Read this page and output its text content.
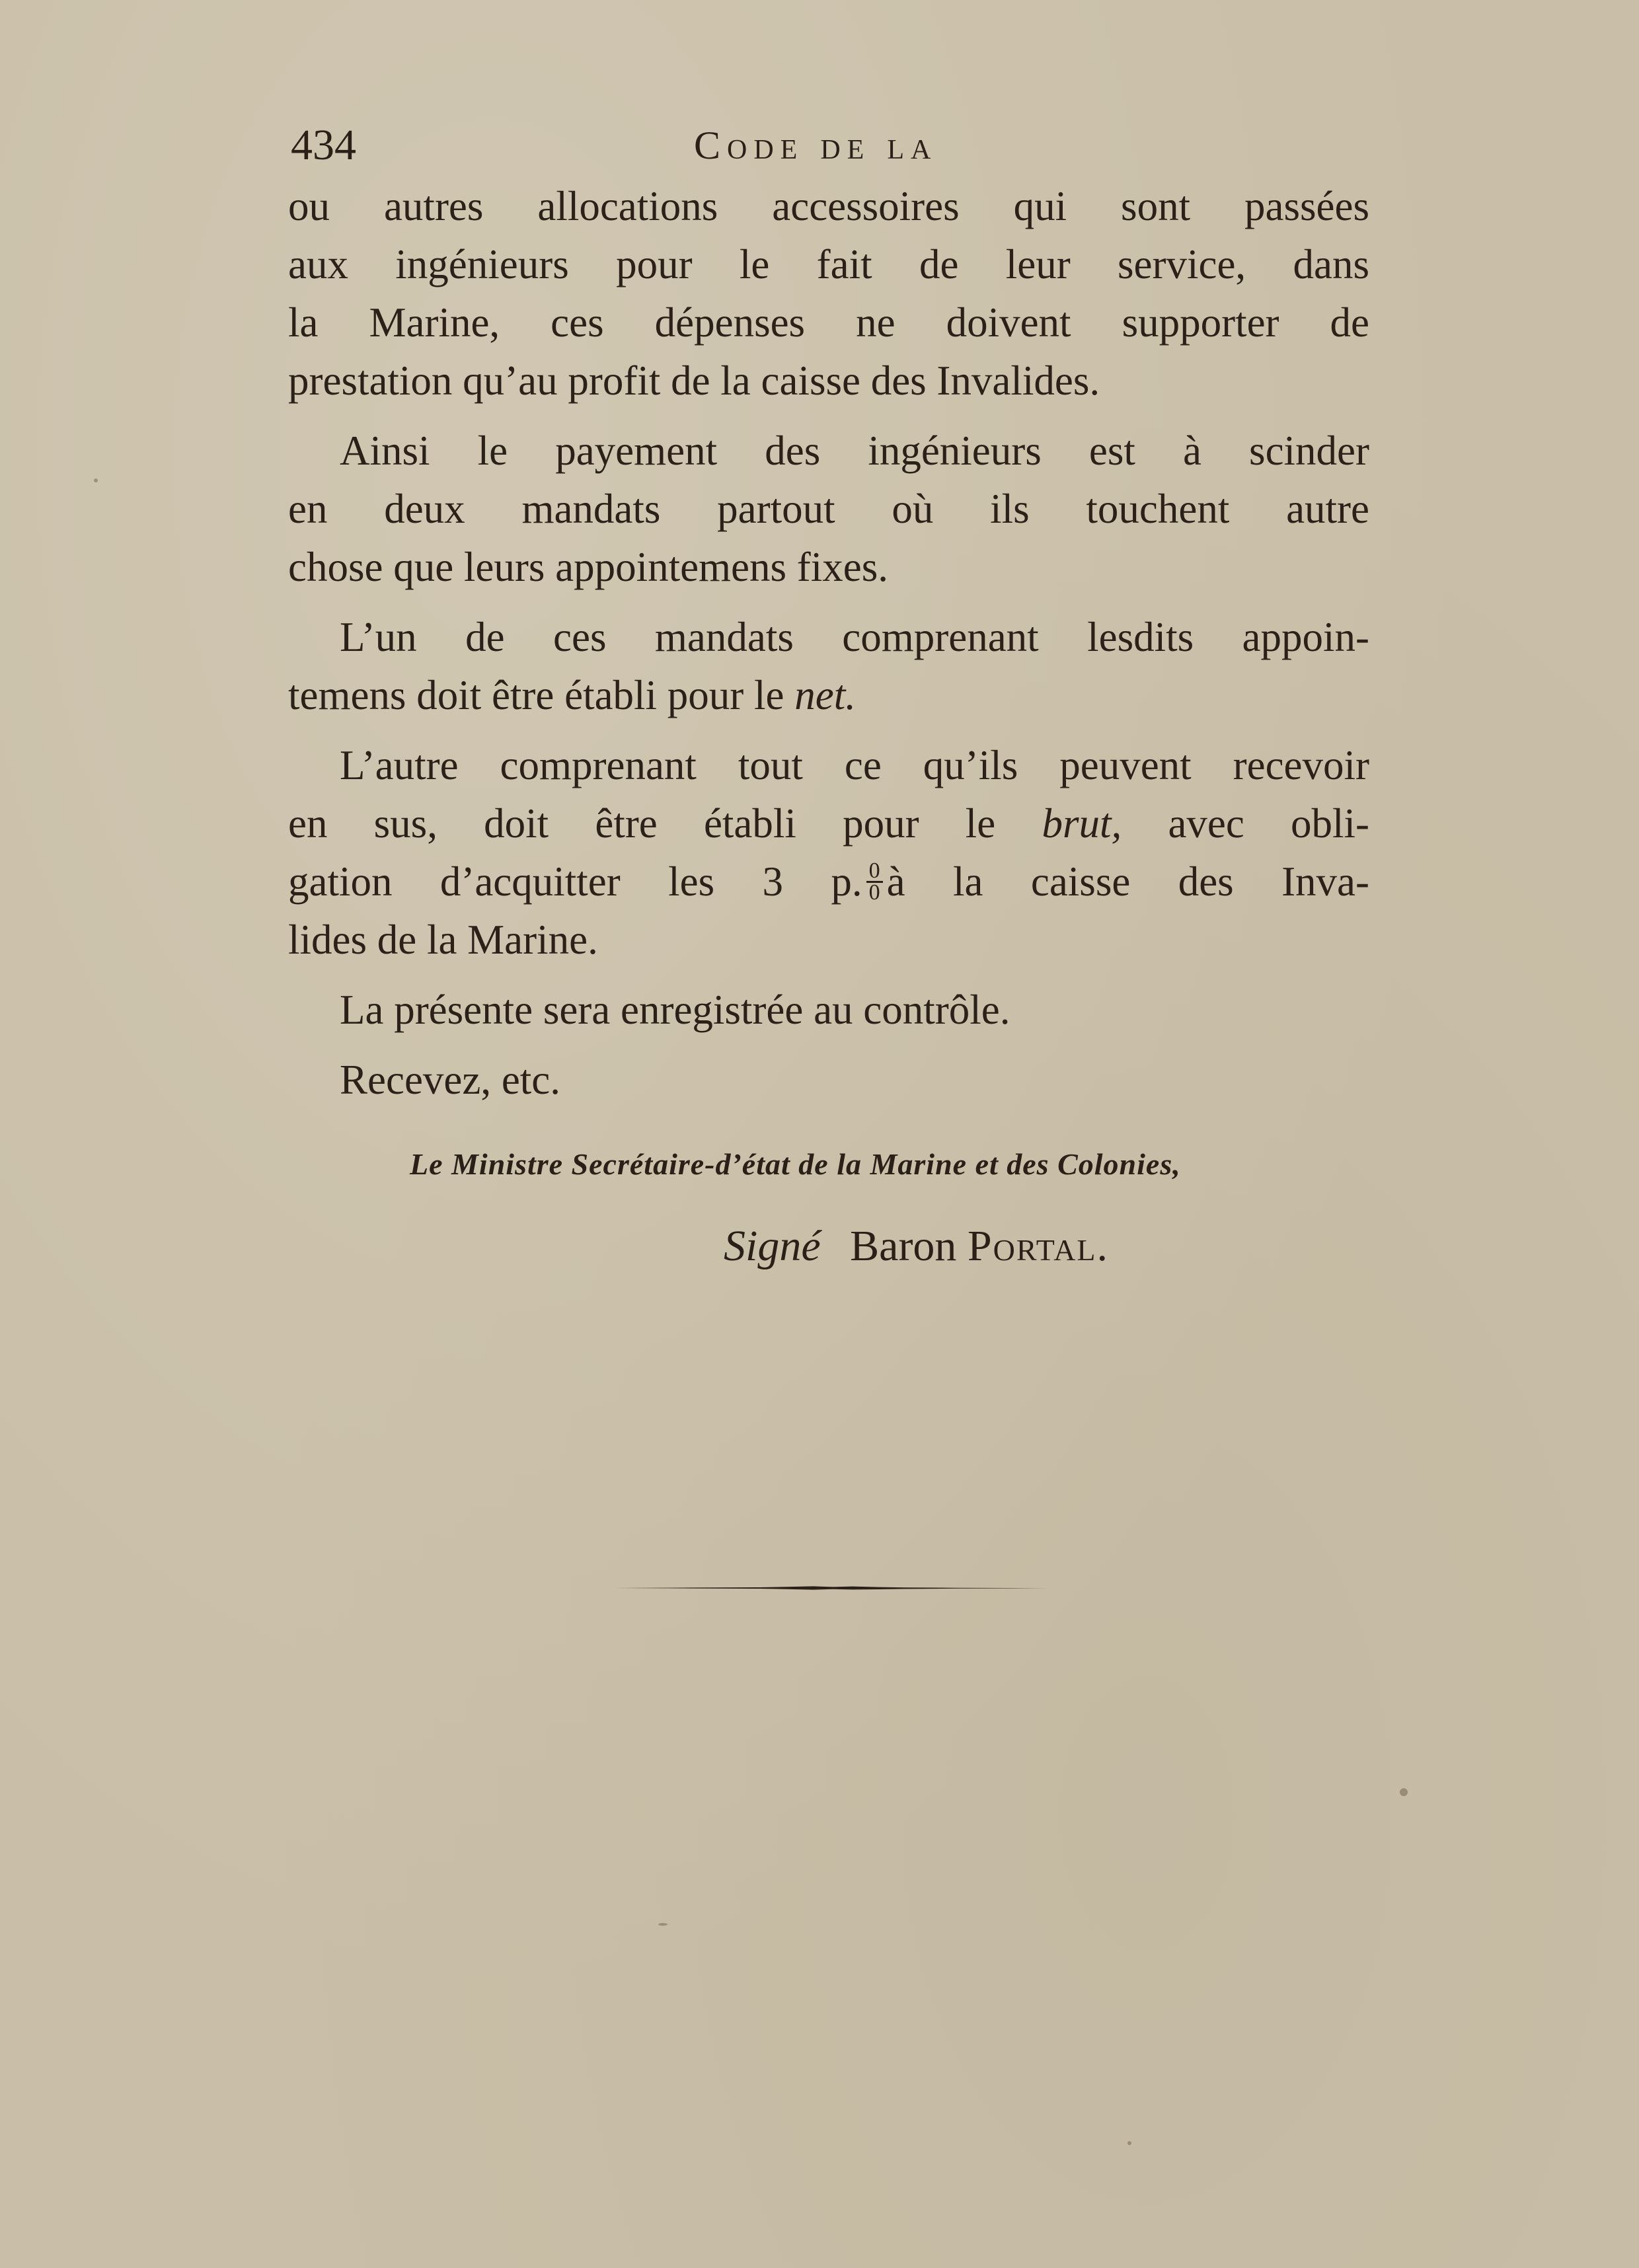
434	Code de la
ou autres allocations accessoires qui sont passées
aux ingénieurs pour le fait de leur service, dans
la Marine, ces dépenses ne doivent supporter de
prestation qu’au profit de la caisse des Invalides.
Ainsi le payement des ingénieurs est à scinder
en deux mandats partout où ils touchent autre
chose que leurs appointemens fixes.
L’un de ces mandats comprenant lesdits appoin-
temens doit être établi pour le net.
L’autre comprenant tout ce qu’ils peuvent recevoir
en sus, doit être établi pour le brut, avec obli-
gation d’acquitter les 3 p. $\frac{0}{0}$ à la caisse des Inva-
lides de la Marine.
La présente sera enregistrée au contrôle.
Recevez, etc.
Le Ministre Secrétaire-d’état de la Marine et des Colonies,
Signé Baron Portal.
